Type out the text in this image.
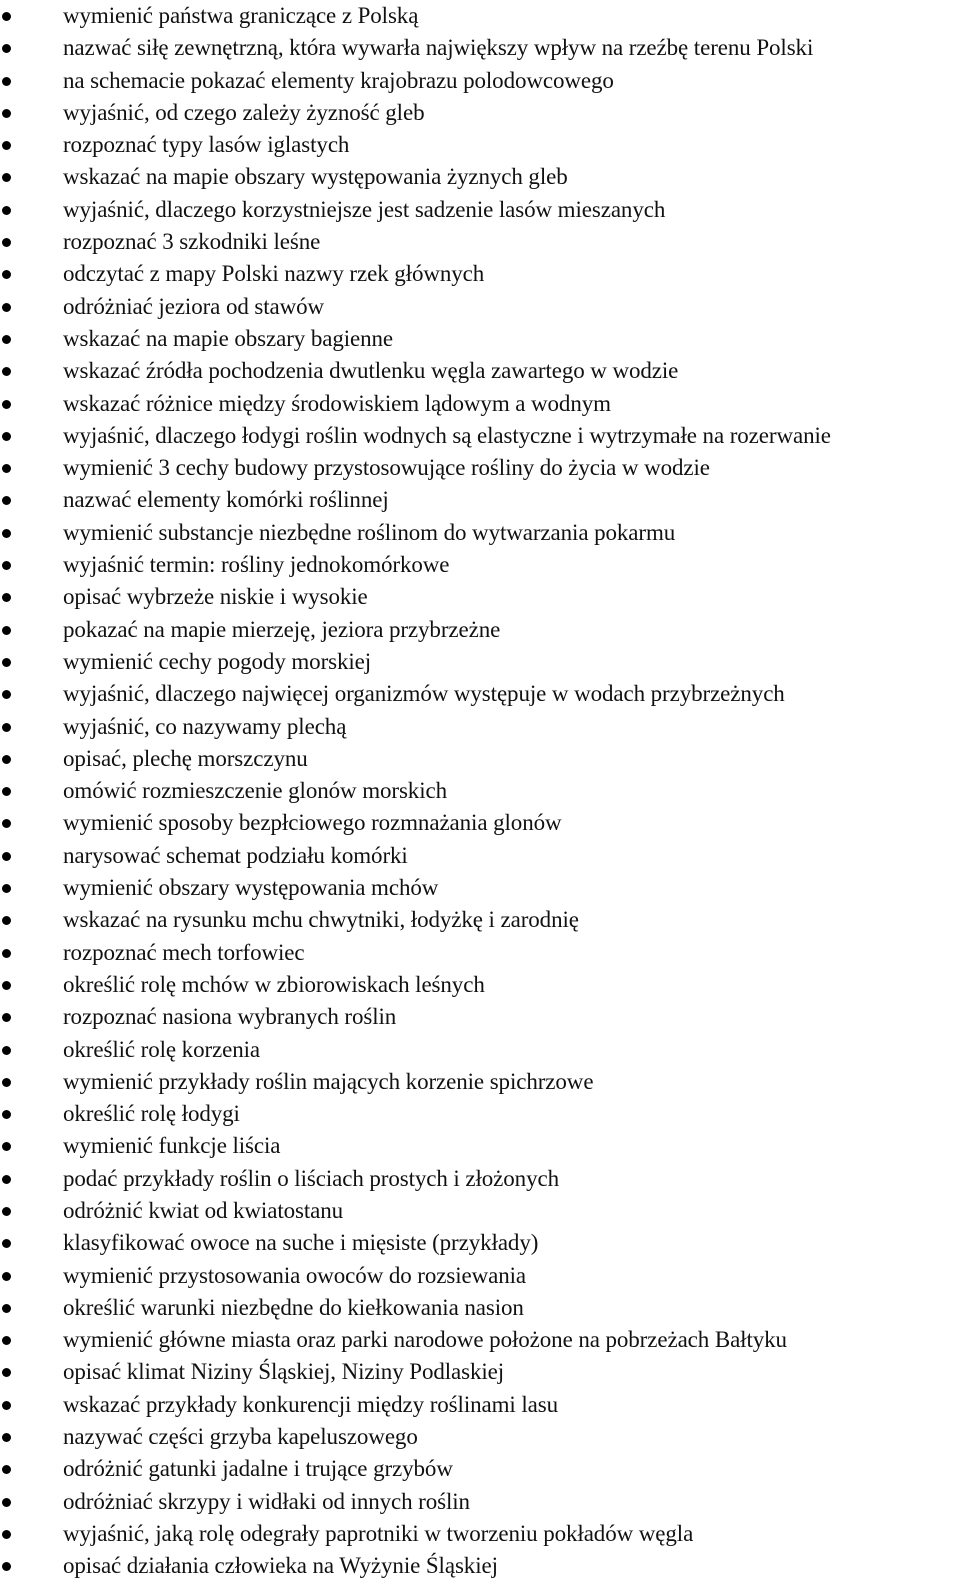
wymienić państwa graniczące z Polską
nazwać siłę zewnętrzną, która wywarła największy wpływ na rzeźbę terenu Polski
na schemacie pokazać elementy krajobrazu polodowcowego
wyjaśnić, od czego zależy żyzność gleb
rozpoznać typy lasów iglastych
wskazać na mapie obszary występowania żyznych gleb
wyjaśnić, dlaczego korzystniejsze jest sadzenie lasów mieszanych
rozpoznać 3 szkodniki leśne
odczytać z mapy Polski nazwy rzek głównych
odróżniać jeziora od stawów
wskazać na mapie obszary bagienne
wskazać źródła pochodzenia dwutlenku węgla zawartego w wodzie
wskazać różnice między środowiskiem lądowym a wodnym
wyjaśnić, dlaczego łodygi roślin wodnych są elastyczne i wytrzymałe na rozerwanie
wymienić 3 cechy budowy przystosowujące rośliny do życia w wodzie
nazwać elementy komórki roślinnej
wymienić substancje niezbędne roślinom do wytwarzania pokarmu
wyjaśnić termin: rośliny jednokomórkowe
opisać wybrzeże niskie i wysokie
pokazać na mapie mierzeję, jeziora przybrzeżne
wymienić cechy pogody morskiej
wyjaśnić, dlaczego najwięcej organizmów występuje w wodach przybrzeżnych
wyjaśnić, co nazywamy plechą
opisać, plechę morszczynu
omówić rozmieszczenie glonów morskich
wymienić sposoby bezpłciowego rozmnażania glonów
narysować schemat podziału komórki
wymienić obszary występowania mchów
wskazać na rysunku mchu chwytniki, łodyżkę i zarodnię
rozpoznać mech torfowiec
określić rolę mchów w zbiorowiskach leśnych
rozpoznać nasiona wybranych roślin
określić rolę korzenia
wymienić przykłady roślin mających korzenie spichrzowe
określić rolę łodygi
wymienić funkcje liścia
podać przykłady roślin o liściach prostych i złożonych
odróżnić kwiat od kwiatostanu
klasyfikować owoce na suche i mięsiste (przykłady)
wymienić przystosowania owoców do rozsiewania
określić warunki niezbędne do kiełkowania nasion
wymienić główne miasta oraz parki narodowe położone na pobrzeżach Bałtyku
opisać klimat Niziny Śląskiej, Niziny Podlaskiej
wskazać przykłady konkurencji między roślinami lasu
nazywać części grzyba kapeluszowego
odróżnić gatunki jadalne i trujące grzybów
odróżniać skrzypy i widłaki od innych roślin
wyjaśnić, jaką rolę odegrały paprotniki w tworzeniu pokładów węgla
opisać działania człowieka na Wyżynie Śląskiej
